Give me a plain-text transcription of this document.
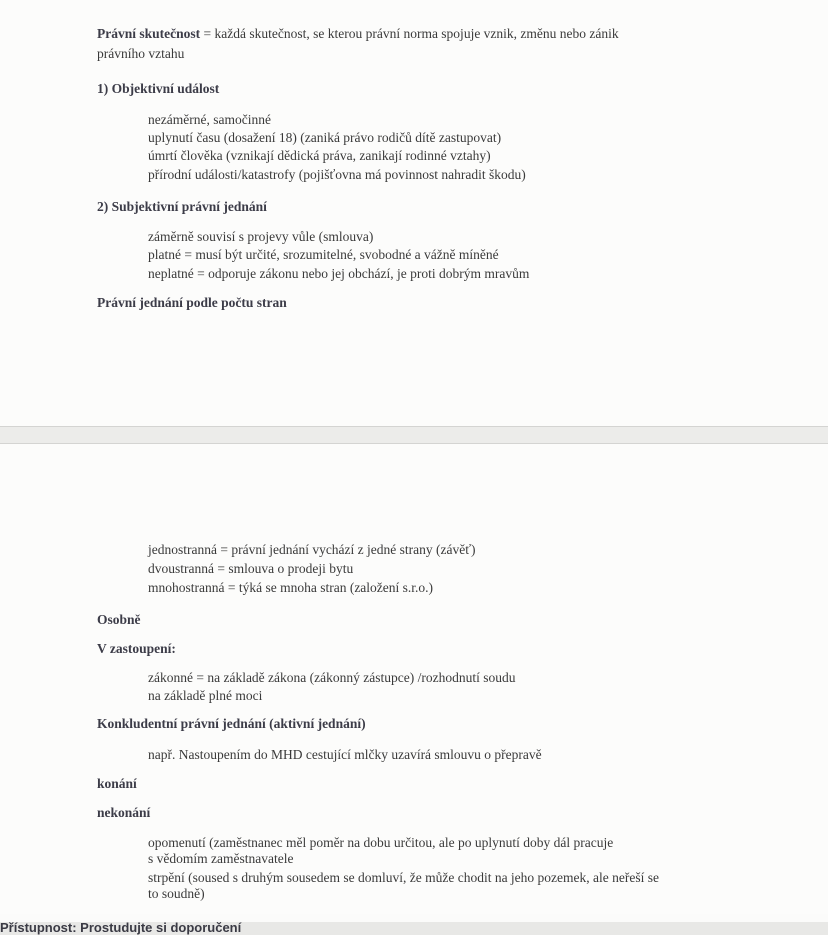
Právní skutečnost = každá skutečnost, se kterou právní norma spojuje vznik, změnu nebo zánik
právního vztahu
1) Objektivní událost
nezáměrné, samočinné
uplynutí času (dosažení 18) (zaniká právo rodičů dítě zastupovat)
úmrtí člověka (vznikají dědická práva, zanikají rodinné vztahy)
přírodní události/katastrofy (pojišťovna má povinnost nahradit škodu)
2) Subjektivní právní jednání
záměrně souvisí s projevy vůle (smlouva)
platné = musí být určité, srozumitelné, svobodné a vážně míněné
neplatné = odporuje zákonu nebo jej obchází, je proti dobrým mravům
Právní jednání podle počtu stran
jednostranná = právní jednání vychází z jedné strany (závěť)
dvoustranná = smlouva o prodeji bytu
mnohostranná = týká se mnoha stran (založení s.r.o.)
Osobně
V zastoupení:
zákonné = na základě zákona (zákonný zástupce) /rozhodnutí soudu
na základě plné moci
Konkludentní právní jednání (aktivní jednání)
např. Nastoupením do MHD cestující mlčky uzavírá smlouvu o přepravě
konání
nekonání
opomenutí (zaměstnanec měl poměr na dobu určitou, ale po uplynutí doby dál pracuje
s vědomím zaměstnavatele
strpění (soused s druhým sousedem se domluví, že může chodit na jeho pozemek, ale neřeší se
to soudně)
Přístupnost: Prostudujte si doporučení
